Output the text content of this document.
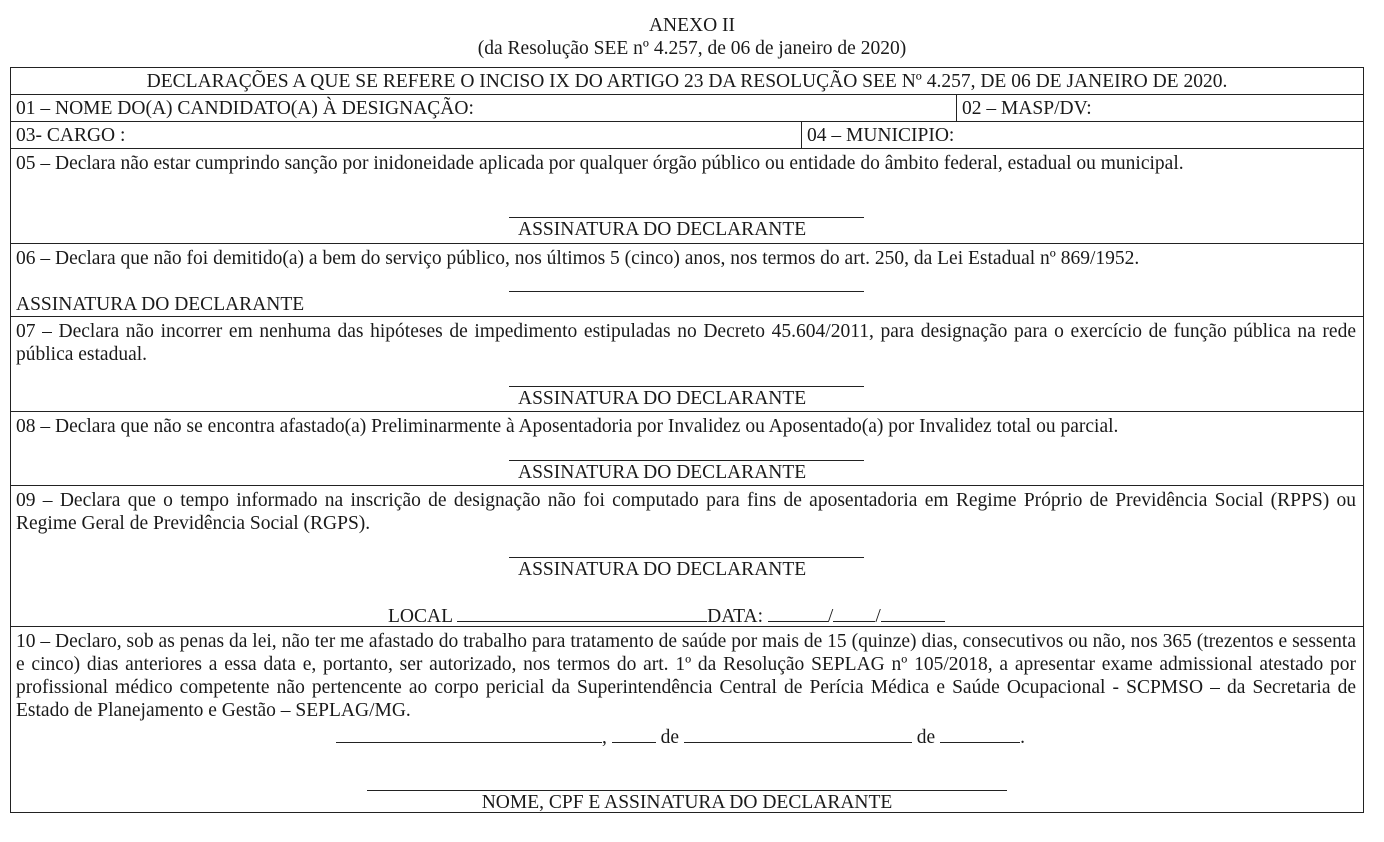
ANEXO II
(da Resolução SEE nº 4.257, de 06 de janeiro de 2020)
DECLARAÇÕES A QUE SE REFERE O INCISO IX DO ARTIGO 23 DA RESOLUÇÃO SEE Nº 4.257, DE 06 DE JANEIRO DE 2020.
01 – NOME DO(A) CANDIDATO(A) À DESIGNAÇÃO:	02 – MASP/DV:
03- CARGO :	04 – MUNICIPIO:
05 – Declara não estar cumprindo sanção por inidoneidade aplicada por qualquer órgão público ou entidade do âmbito federal, estadual ou municipal.
ASSINATURA DO DECLARANTE
06 – Declara que não foi demitido(a) a bem do serviço público, nos últimos 5 (cinco) anos, nos termos do art. 250, da Lei Estadual nº 869/1952.
ASSINATURA DO DECLARANTE
07 – Declara não incorrer em nenhuma das hipóteses de impedimento estipuladas no Decreto 45.604/2011, para designação para o exercício de função pública na rede pública estadual.
ASSINATURA DO DECLARANTE
08 – Declara que não se encontra afastado(a) Preliminarmente à Aposentadoria por Invalidez ou Aposentado(a) por Invalidez total ou parcial.
ASSINATURA DO DECLARANTE
09 – Declara que o tempo informado na inscrição de designação não foi computado para fins de aposentadoria em Regime Próprio de Previdência Social (RPPS) ou Regime Geral de Previdência Social (RGPS).
ASSINATURA DO DECLARANTE
LOCAL	DATA:	/ /
10 – Declaro, sob as penas da lei, não ter me afastado do trabalho para tratamento de saúde por mais de 15 (quinze) dias, consecutivos ou não, nos 365 (trezentos e sessenta e cinco) dias anteriores a essa data e, portanto, ser autorizado, nos termos do art. 1º da Resolução SEPLAG nº 105/2018, a apresentar exame admissional atestado por profissional médico competente não pertencente ao corpo pericial da Superintendência Central de Perícia Médica e Saúde Ocupacional - SCPMSO – da Secretaria de Estado de Planejamento e Gestão – SEPLAG/MG.
,	de	de	.
NOME, CPF E ASSINATURA DO DECLARANTE
